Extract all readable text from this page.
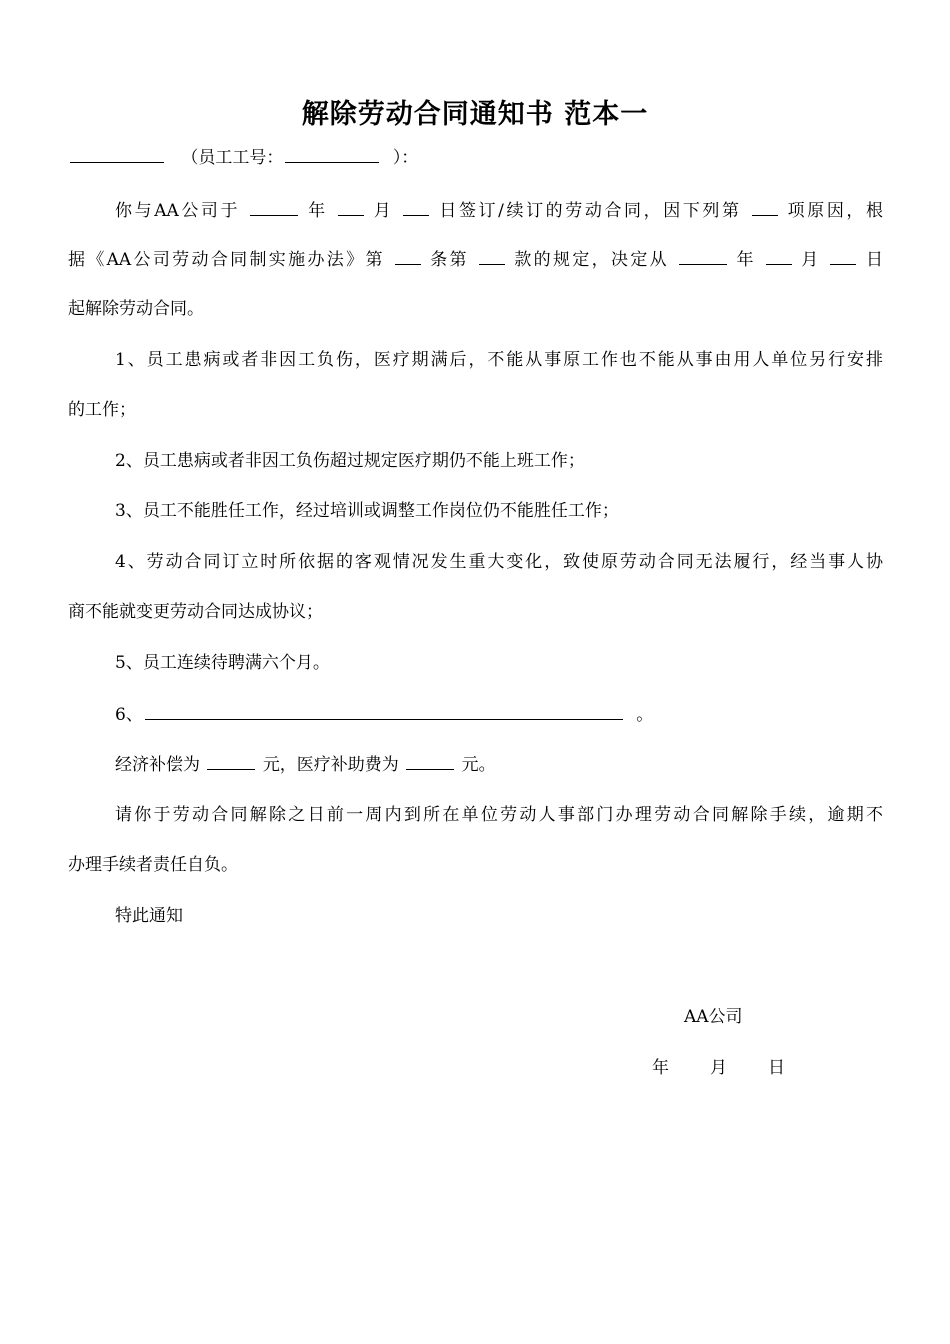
解除劳动合同通知书 范本一
（员工工号：	）：
你与AA公司于	年	月	日签订/续订的劳动合同，因下列第	项原因，根
据《AA公司劳动合同制实施办法》第	条第	款的规定，决定从	年	月	日
起解除劳动合同。
1、员工患病或者非因工负伤，医疗期满后，不能从事原工作也不能从事由用人单位另行安排
的工作；
2、员工患病或者非因工负伤超过规定医疗期仍不能上班工作；
3、员工不能胜任工作，经过培训或调整工作岗位仍不能胜任工作；
4、劳动合同订立时所依据的客观情况发生重大变化，致使原劳动合同无法履行，经当事人协
商不能就变更劳动合同达成协议；
5、员工连续待聘满六个月。
6、	。
经济补偿为	元，医疗补助费为	元。
请你于劳动合同解除之日前一周内到所在单位劳动人事部门办理劳动合同解除手续，逾期不
办理手续者责任自负。
特此通知
AA公司
年 月 日
